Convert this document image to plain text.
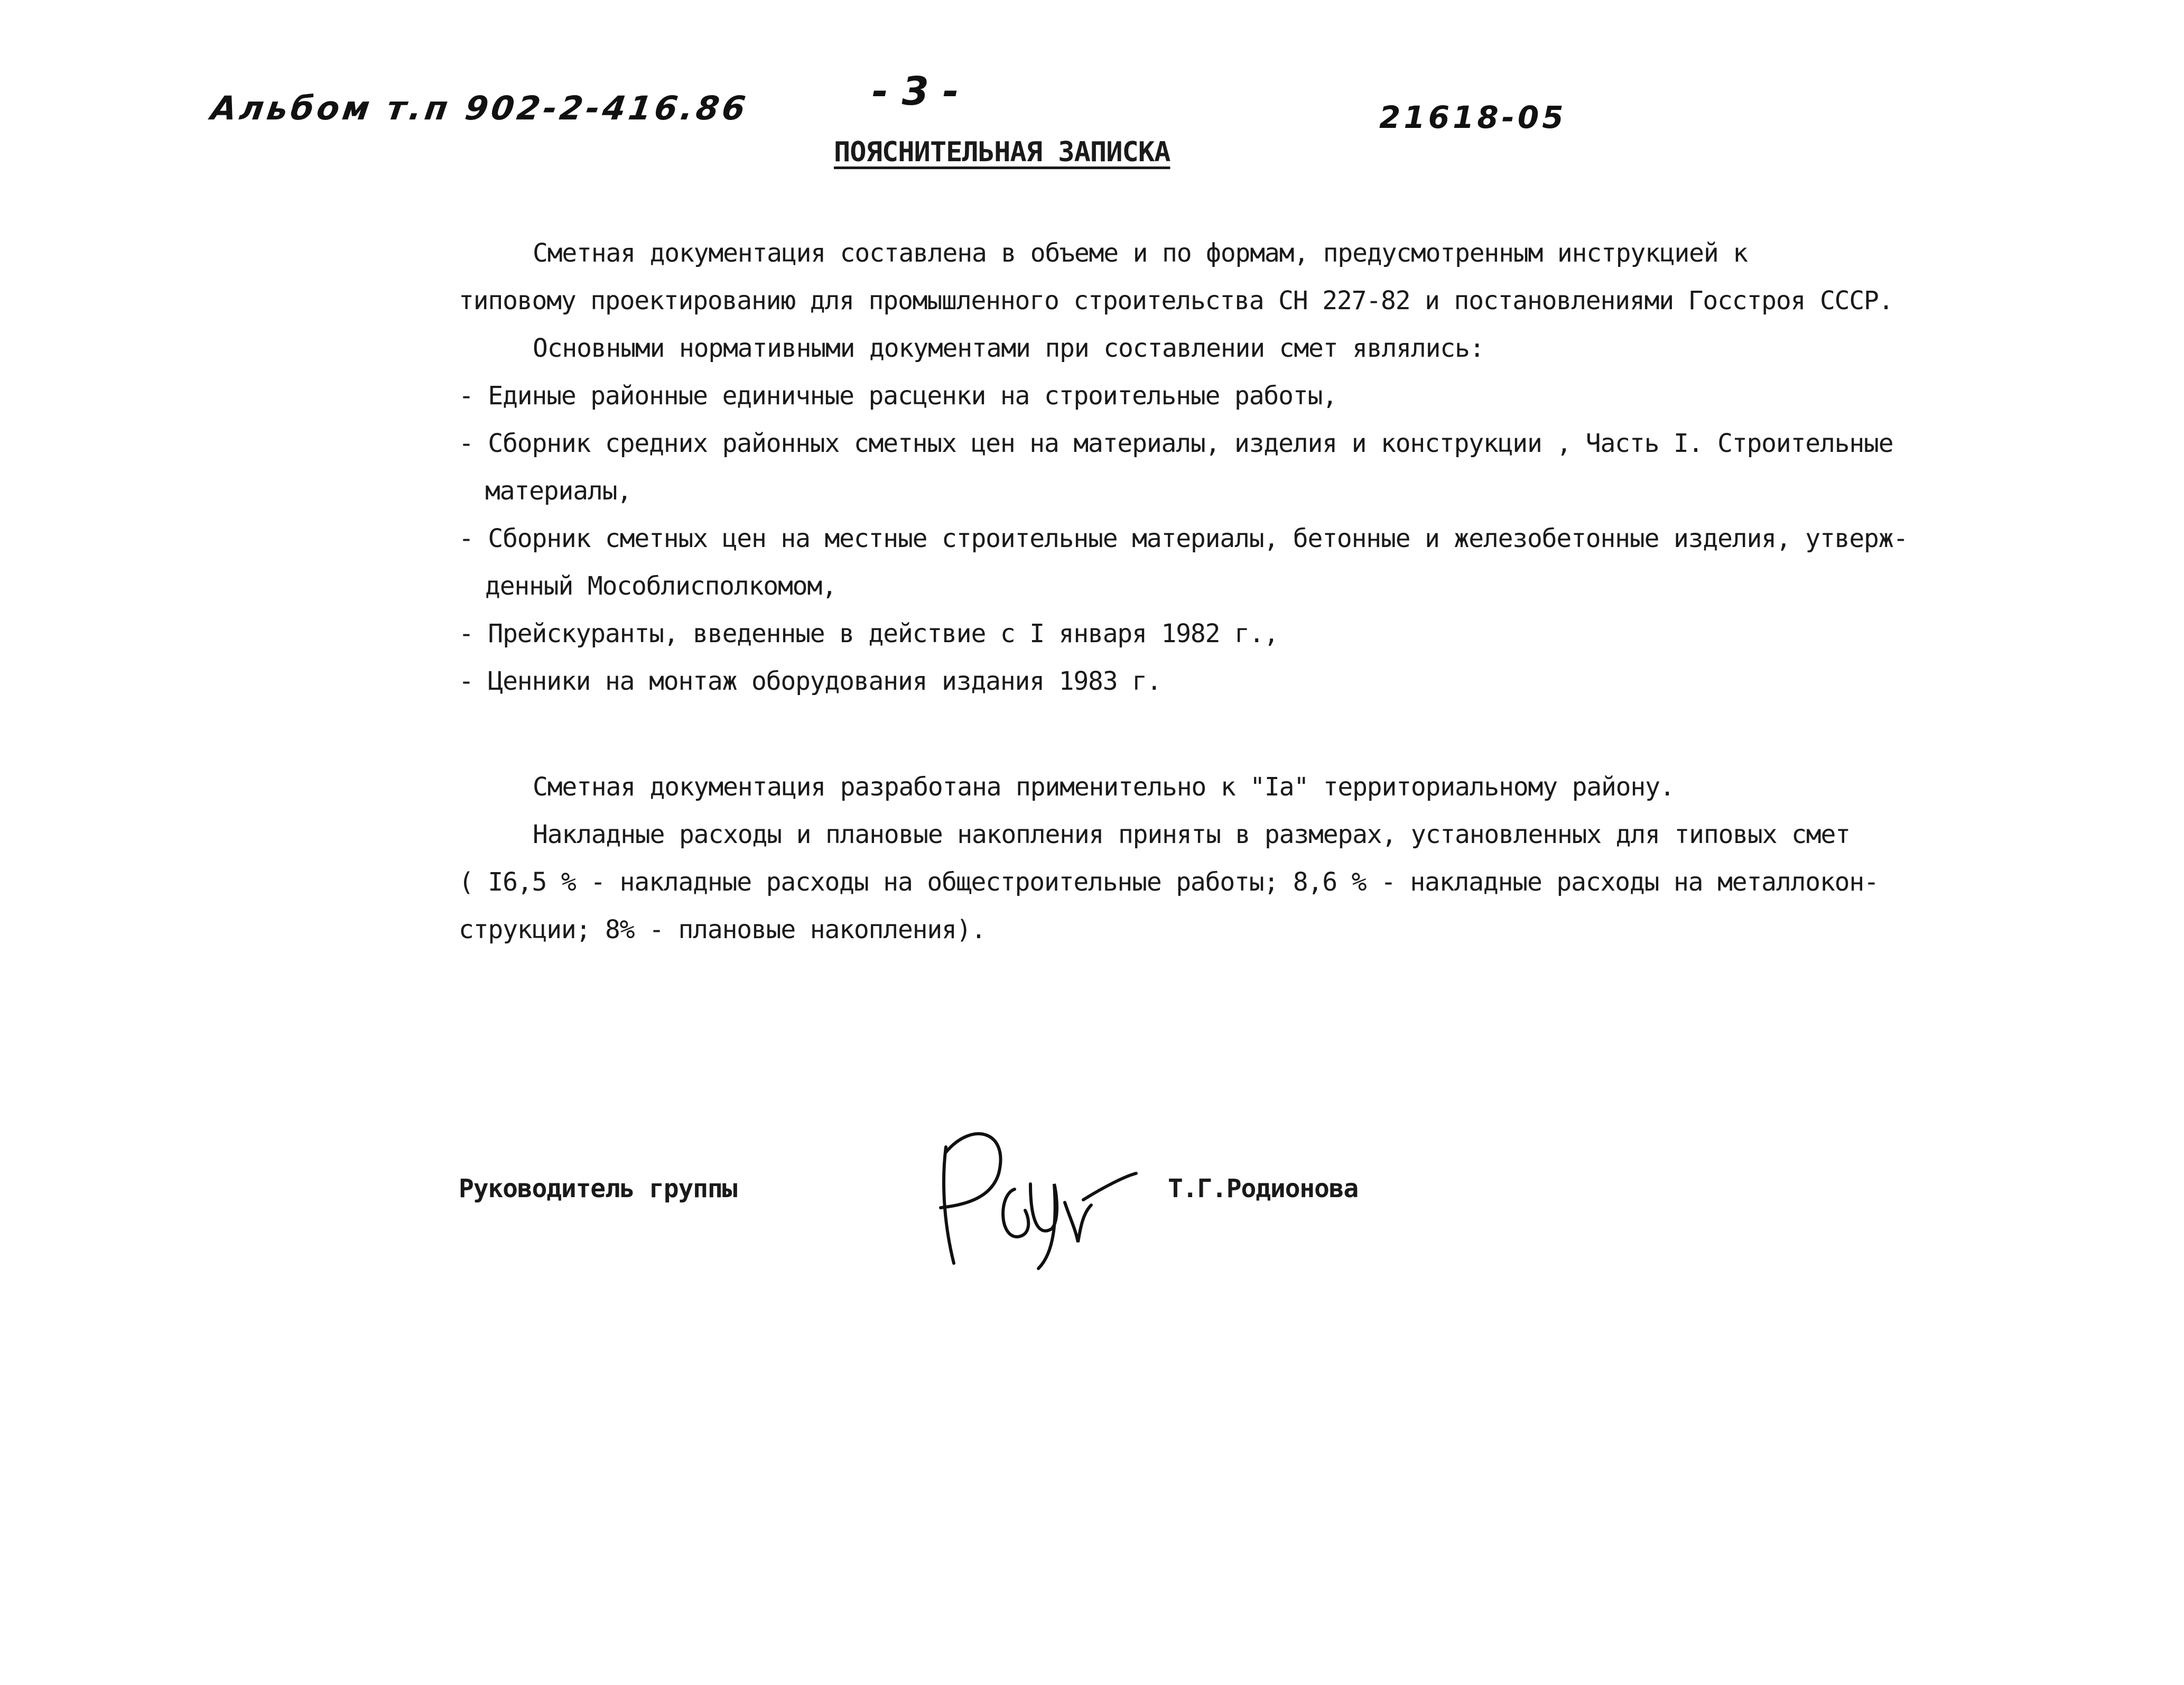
Альбом т.п 902-2-416.86	- 3 -
21618-05
ПОЯСНИТЕЛЬНАЯ ЗАПИСКА
Сметная документация составлена в объеме и по формам, предусмотренным инструкцией к
типовому проектированию для промышленного строительства СН 227-82 и постановлениями Госстроя СССР.
Основными нормативными документами при составлении смет являлись:
- Единые районные единичные расценки на строительные работы,
- Сборник средних районных сметных цен на материалы, изделия и конструкции , Часть I. Строительные
материалы,
- Сборник сметных цен на местные строительные материалы, бетонные и железобетонные изделия, утверж-
денный Мособлисполкомом,
- Прейскуранты, введенные в действие с I января 1982 г.,
- Ценники на монтаж оборудования издания 1983 г.
Сметная документация разработана применительно к "Iа" территориальному району.
Накладные расходы и плановые накопления приняты в размерах, установленных для типовых смет
( I6,5 % - накладные расходы на общестроительные работы; 8,6 % - накладные расходы на металлокон-
струкции; 8% - плановые накопления).
Руководитель группы	Т.Г.Родионова
